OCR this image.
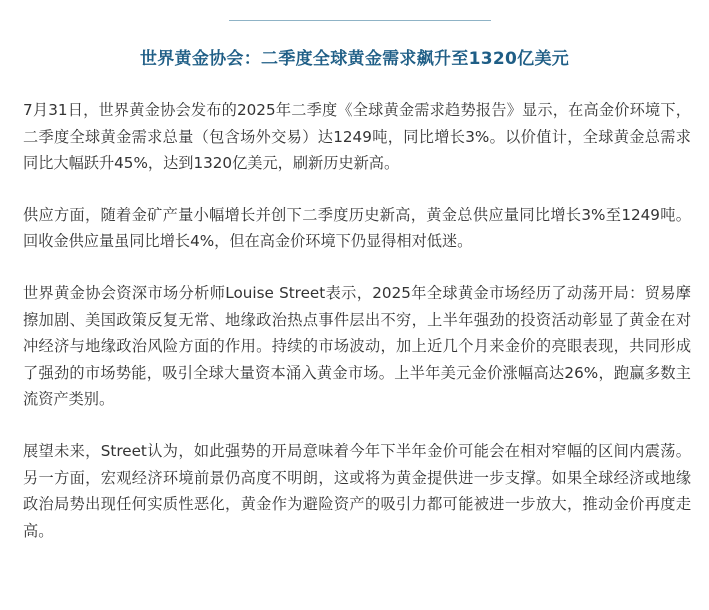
世界黄金协会：二季度全球黄金需求飙升至1320亿美元

7月31日，世界黄金协会发布的2025年二季度《全球黄金需求趋势报告》显示，在高金价环境下，二季度全球黄金需求总量（包含场外交易）达1249吨，同比增长3%。以价值计，全球黄金总需求同比大幅跃升45%，达到1320亿美元，刷新历史新高。

供应方面，随着金矿产量小幅增长并创下二季度历史新高，黄金总供应量同比增长3%至1249吨。回收金供应量虽同比增长4%，但在高金价环境下仍显得相对低迷。

世界黄金协会资深市场分析师Louise Street表示，2025年全球黄金市场经历了动荡开局：贸易摩擦加剧、美国政策反复无常、地缘政治热点事件层出不穷，上半年强劲的投资活动彰显了黄金在对冲经济与地缘政治风险方面的作用。持续的市场波动，加上近几个月来金价的亮眼表现，共同形成了强劲的市场势能，吸引全球大量资本涌入黄金市场。上半年美元金价涨幅高达26%，跑赢多数主流资产类别。

展望未来，Street认为，如此强势的开局意味着今年下半年金价可能会在相对窄幅的区间内震荡。另一方面，宏观经济环境前景仍高度不明朗，这或将为黄金提供进一步支撑。如果全球经济或地缘政治局势出现任何实质性恶化，黄金作为避险资产的吸引力都可能被进一步放大，推动金价再度走高。
